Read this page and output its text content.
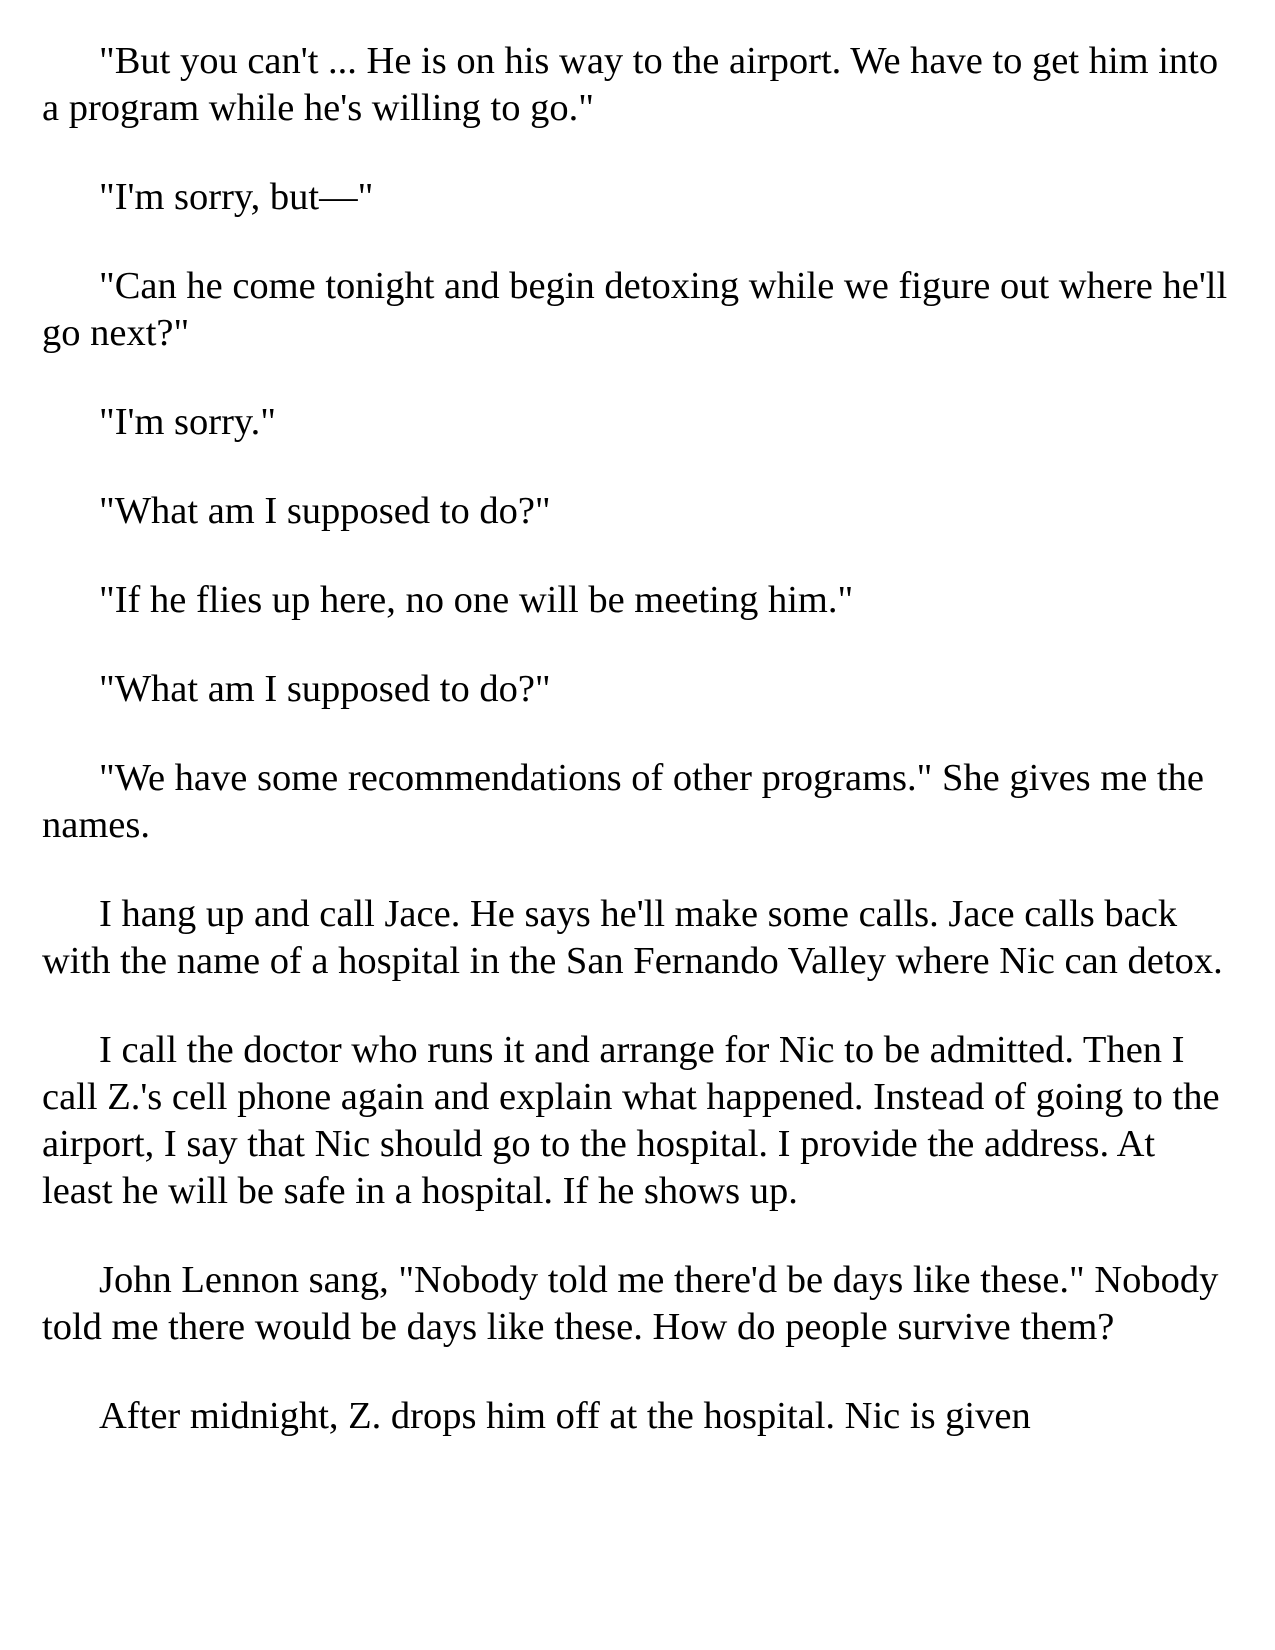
"But you can't ... He is on his way to the airport. We have to get him into a program while he's willing to go."

"I'm sorry, but—"

"Can he come tonight and begin detoxing while we figure out where he'll go next?"

"I'm sorry."

"What am I supposed to do?"

"If he flies up here, no one will be meeting him."

"What am I supposed to do?"

"We have some recommendations of other programs." She gives me the names.

I hang up and call Jace. He says he'll make some calls. Jace calls back with the name of a hospital in the San Fernando Valley where Nic can detox.

I call the doctor who runs it and arrange for Nic to be admitted. Then I call Z.'s cell phone again and explain what happened. Instead of going to the airport, I say that Nic should go to the hospital. I provide the address. At least he will be safe in a hospital. If he shows up.

John Lennon sang, "Nobody told me there'd be days like these." Nobody told me there would be days like these. How do people survive them?

After midnight, Z. drops him off at the hospital. Nic is given
